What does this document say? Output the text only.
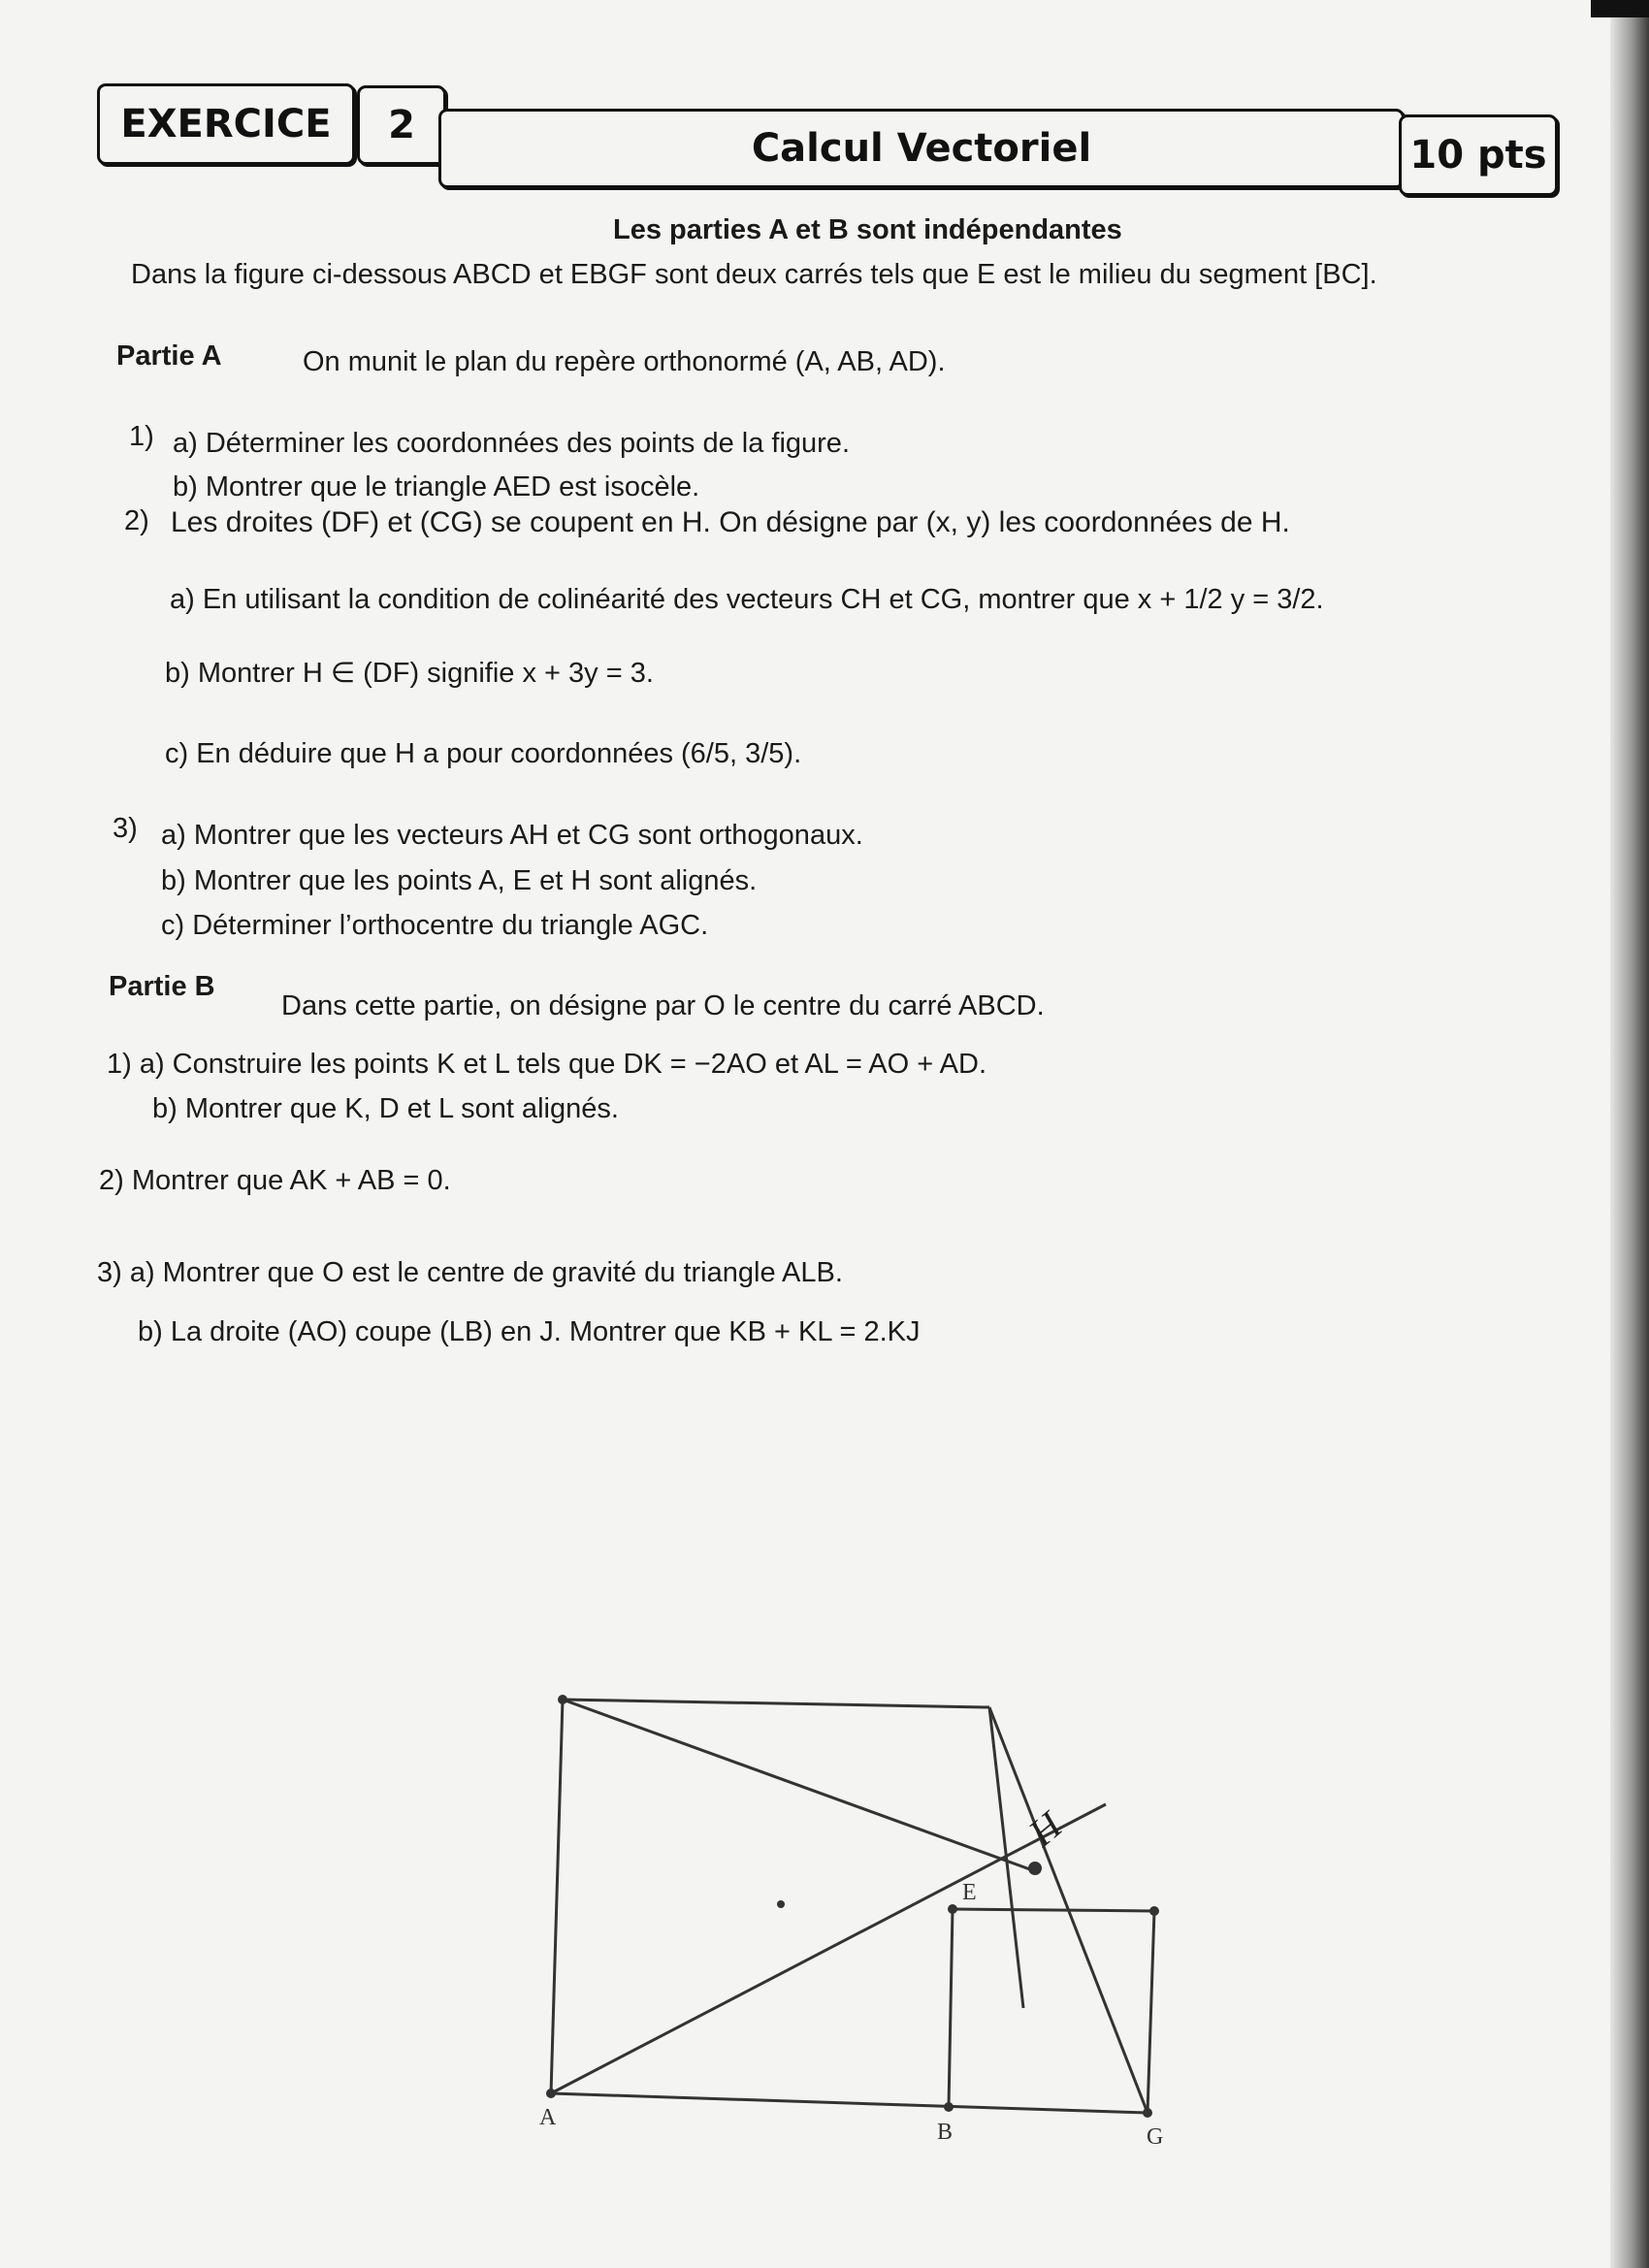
EXERCICE 2
Calcul Vectoriel	10 pts
Les parties A et B sont indépendantes
Dans la figure ci-dessous ABCD et EBGF sont deux carrés tels que E est le milieu du segment [BC].
Partie A	On munit le plan du repère orthonormé (A, AB, AD).
1) a) Déterminer les coordonnées des points de la figure.
b) Montrer que le triangle AED est isocèle.
2) Les droites (DF) et (CG) se coupent en H. On désigne par (x, y) les coordonnées de H.
a) En utilisant la condition de colinéarité des vecteurs CH et CG, montrer que x + 1/2 y = 3/2.
b) Montrer H ∈ (DF) signifie x + 3y = 3.
c) En déduire que H a pour coordonnées (6/5, 3/5).
3) a) Montrer que les vecteurs AH et CG sont orthogonaux.
b) Montrer que les points A, E et H sont alignés.
c) Déterminer l’orthocentre du triangle AGC.
Partie B
Dans cette partie, on désigne par O le centre du carré ABCD.
1) a) Construire les points K et L tels que DK = −2AO et AL = AO + AD.
b) Montrer que K, D et L sont alignés.
2) Montrer que AK + AB = 0.
3) a) Montrer que O est le centre de gravité du triangle ALB.
b) La droite (AO) coupe (LB) en J. Montrer que KB + KL = 2.KJ
H
E
A
B	G
